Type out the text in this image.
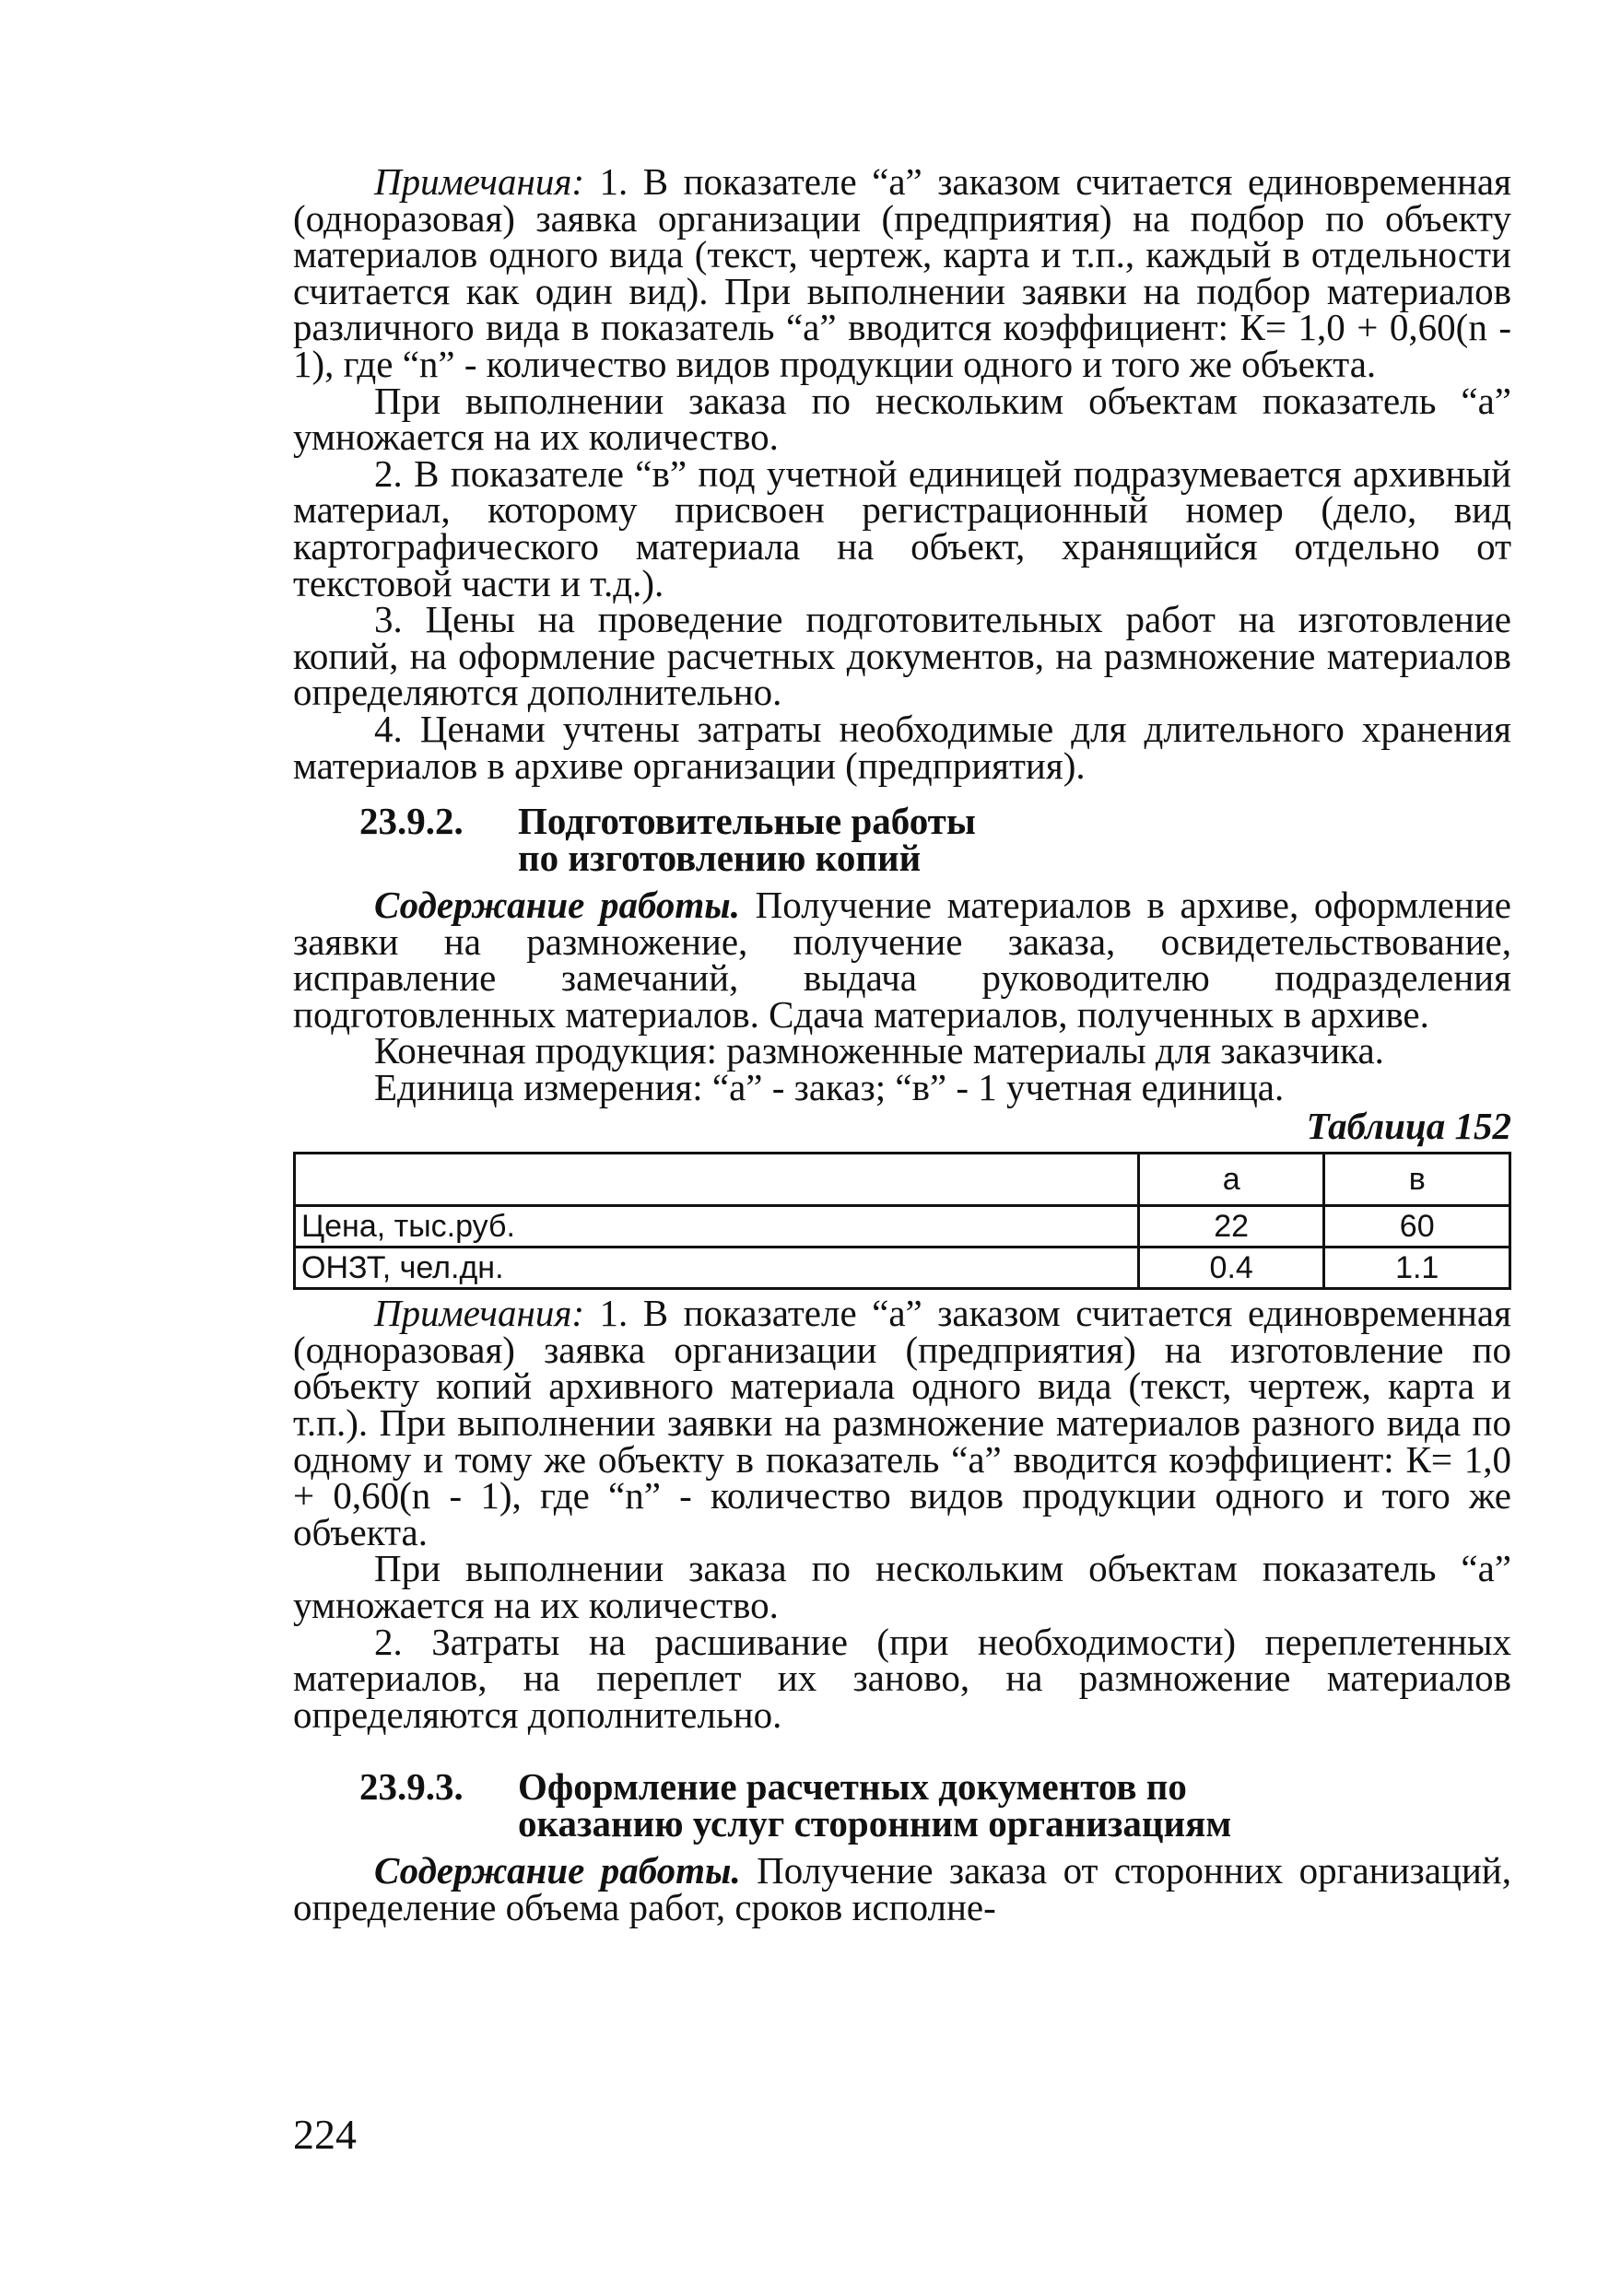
Примечания: 1. В показателе “а” заказом считается единовременная (одноразовая) заявка организации (предприятия) на подбор по объекту материалов одного вида (текст, чертеж, карта и т.п., каждый в отдельности считается как один вид). При выполнении заявки на подбор материалов различного вида в показатель “а” вводится коэффициент: К= 1,0 + 0,60(n - 1), где “n” - количество видов продукции одного и того же объекта.

При выполнении заказа по нескольким объектам показатель “а” умножается на их количество.

2. В показателе “в” под учетной единицей подразумевается архивный материал, которому присвоен регистрационный номер (дело, вид картографического материала на объект, хранящийся отдельно от текстовой части и т.д.).

3. Цены на проведение подготовительных работ на изготовление копий, на оформление расчетных документов, на размножение материалов определяются дополнительно.

4. Ценами учтены затраты необходимые для длительного хранения материалов в архиве организации (предприятия).

23.9.2. Подготовительные работы
по изготовлению копий

Содержание работы. Получение материалов в архиве, оформление заявки на размножение, получение заказа, освидетельствование, исправление замечаний, выдача руководителю подразделения подготовленных материалов. Сдача материалов, полученных в архиве.

Конечная продукция: размноженные материалы для заказчика.

Единица измерения: “а” - заказ; “в” - 1 учетная единица.

Таблица 152
	а	в
Цена, тыс.руб.	22	60
ОНЗТ, чел.дн.	0.4	1.1

Примечания: 1. В показателе “а” заказом считается единовременная (одноразовая) заявка организации (предприятия) на изготовление по объекту копий архивного материала одного вида (текст, чертеж, карта и т.п.). При выполнении заявки на размножение материалов разного вида по одному и тому же объекту в показатель “а” вводится коэффициент: К= 1,0 + 0,60(n - 1), где “n” - количество видов продукции одного и того же объекта.

При выполнении заказа по нескольким объектам показатель “а” умножается на их количество.

2. Затраты на расшивание (при необходимости) переплетенных материалов, на переплет их заново, на размножение материалов определяются дополнительно.

23.9.3. Оформление расчетных документов по
оказанию услуг сторонним организациям

Содержание работы. Получение заказа от сторонних организаций, определение объема работ, сроков исполне-

224
